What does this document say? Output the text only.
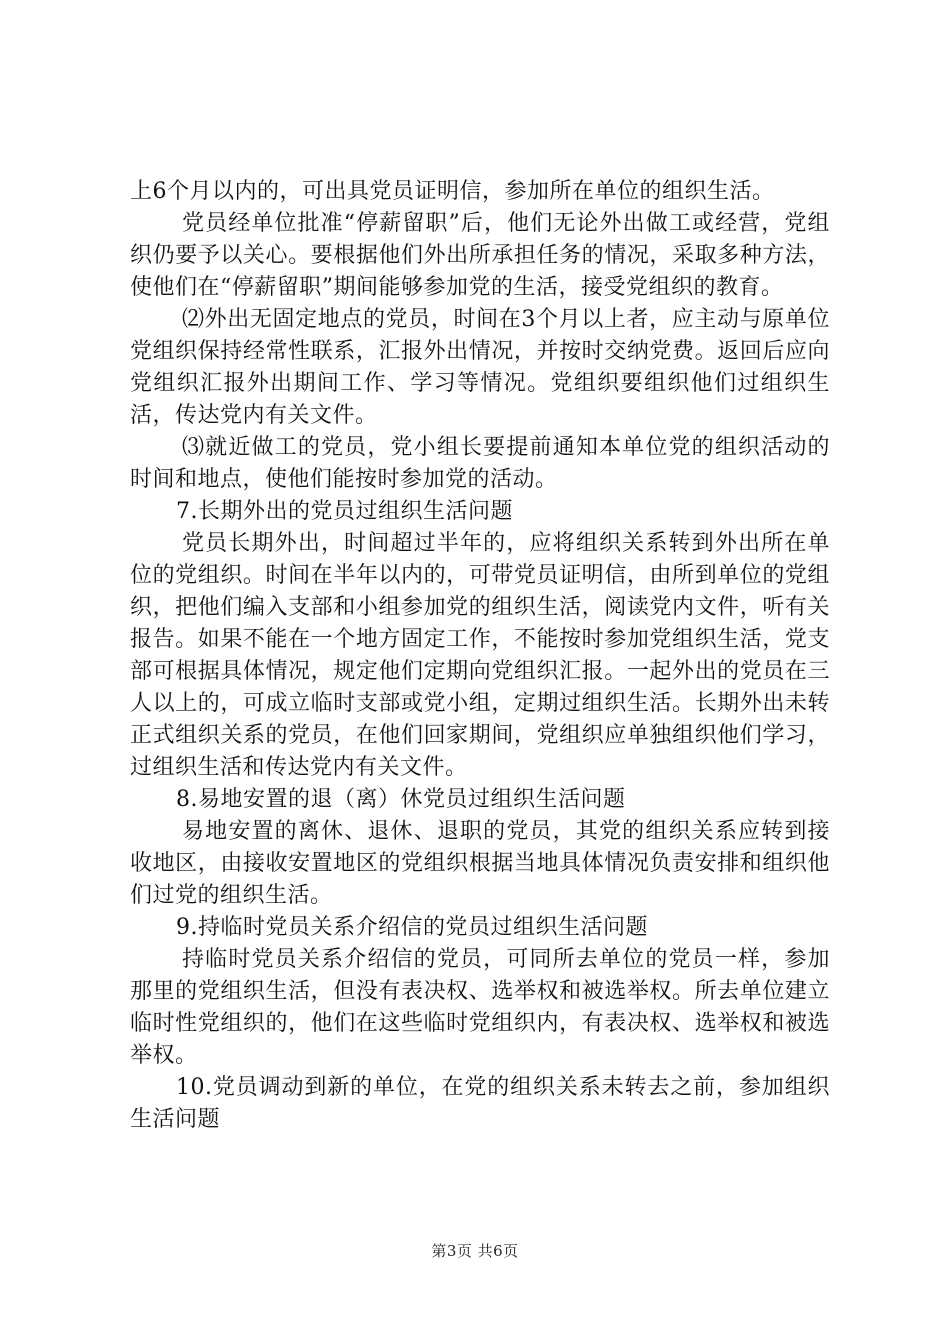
上6个月以内的，可出具党员证明信，参加所在单位的组织生活。

党员经单位批准“停薪留职”后，他们无论外出做工或经营，党组织仍要予以关心。要根据他们外出所承担任务的情况，采取多种方法，使他们在“停薪留职”期间能够参加党的生活，接受党组织的教育。

⑵外出无固定地点的党员，时间在3个月以上者，应主动与原单位党组织保持经常性联系，汇报外出情况，并按时交纳党费。返回后应向党组织汇报外出期间工作、学习等情况。党组织要组织他们过组织生活，传达党内有关文件。

⑶就近做工的党员，党小组长要提前通知本单位党的组织活动的时间和地点，使他们能按时参加党的活动。

7.长期外出的党员过组织生活问题

党员长期外出，时间超过半年的，应将组织关系转到外出所在单位的党组织。时间在半年以内的，可带党员证明信，由所到单位的党组织，把他们编入支部和小组参加党的组织生活，阅读党内文件，听有关报告。如果不能在一个地方固定工作，不能按时参加党组织生活，党支部可根据具体情况，规定他们定期向党组织汇报。一起外出的党员在三人以上的，可成立临时支部或党小组，定期过组织生活。长期外出未转正式组织关系的党员，在他们回家期间，党组织应单独组织他们学习，过组织生活和传达党内有关文件。

8.易地安置的退（离）休党员过组织生活问题

易地安置的离休、退休、退职的党员，其党的组织关系应转到接收地区，由接收安置地区的党组织根据当地具体情况负责安排和组织他们过党的组织生活。

9.持临时党员关系介绍信的党员过组织生活问题

持临时党员关系介绍信的党员，可同所去单位的党员一样，参加那里的党组织生活，但没有表决权、选举权和被选举权。所去单位建立临时性党组织的，他们在这些临时党组织内，有表决权、选举权和被选举权。

10.党员调动到新的单位，在党的组织关系未转去之前，参加组织生活问题

第3页 共6页
